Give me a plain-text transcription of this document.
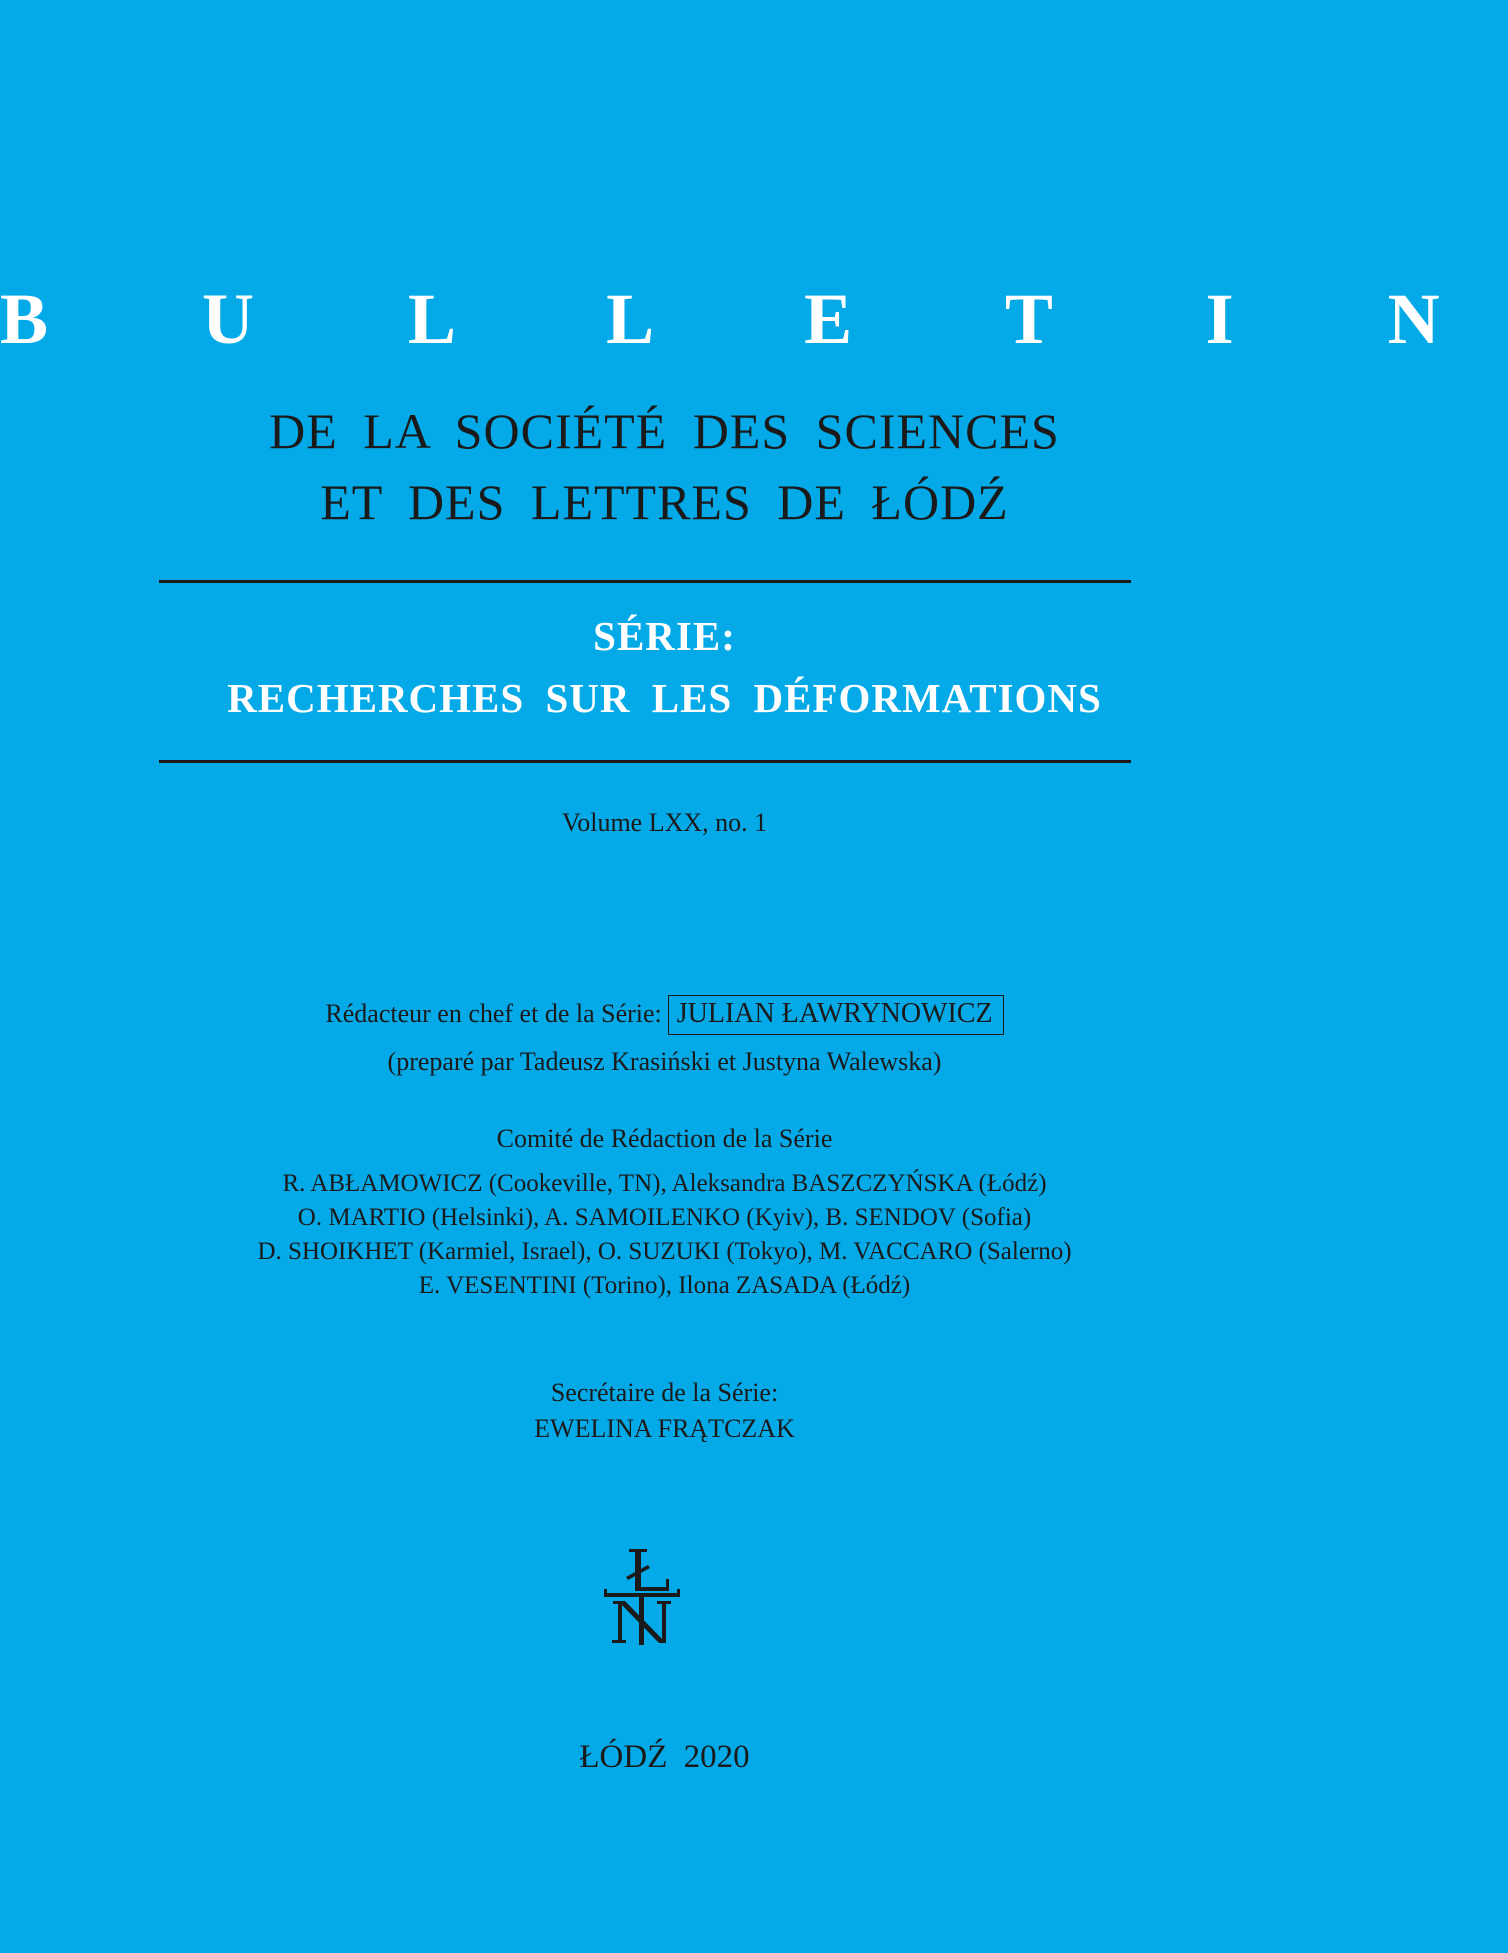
B U L L E T I N
DE LA SOCIÉTÉ DES SCIENCES
ET DES LETTRES DE ŁÓDŹ
SÉRIE:
RECHERCHES SUR LES DÉFORMATIONS
Volume LXX, no. 1
Rédacteur en chef et de la Série: JULIAN ŁAWRYNOWICZ
(preparé par Tadeusz Krasiński et Justyna Walewska)
Comité de Rédaction de la Série
R. ABŁAMOWICZ (Cookeville, TN), Aleksandra BASZCZYŃSKA (Łódź)
O. MARTIO (Helsinki), A. SAMOILENKO (Kyiv), B. SENDOV (Sofia)
D. SHOIKHET (Karmiel, Israel), O. SUZUKI (Tokyo), M. VACCARO (Salerno)
E. VESENTINI (Torino), Ilona ZASADA (Łódź)
Secrétaire de la Série:
EWELINA FRĄTCZAK
ŁÓDŹ 2020
